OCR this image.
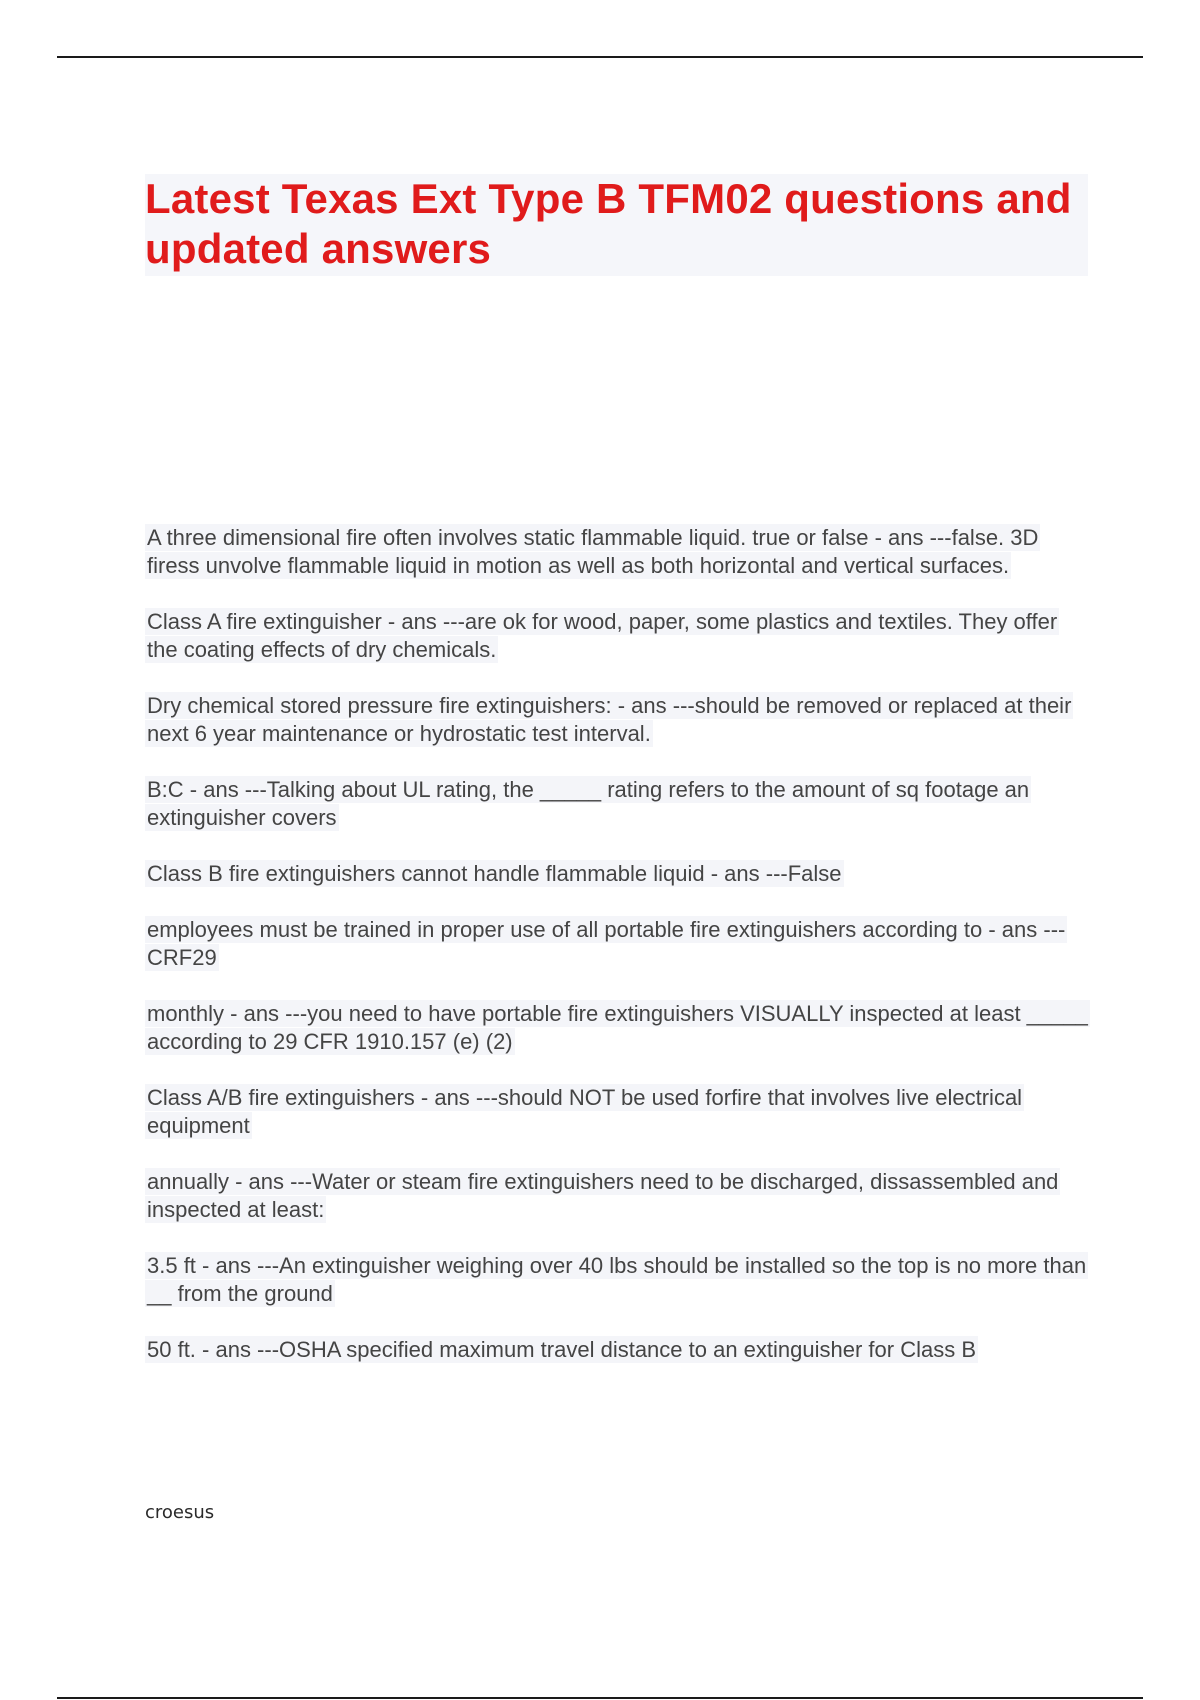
Latest Texas Ext Type B TFM02 questions and updated answers

A three dimensional fire often involves static flammable liquid. true or false - ans ---false. 3D firess unvolve flammable liquid in motion as well as both horizontal and vertical surfaces.

Class A fire extinguisher - ans ---are ok for wood, paper, some plastics and textiles. They offer the coating effects of dry chemicals.

Dry chemical stored pressure fire extinguishers: - ans ---should be removed or replaced at their next 6 year maintenance or hydrostatic test interval.

B:C - ans ---Talking about UL rating, the _____ rating refers to the amount of sq footage an extinguisher covers

Class B fire extinguishers cannot handle flammable liquid - ans ---False

employees must be trained in proper use of all portable fire extinguishers according to - ans ---CRF29

monthly - ans ---you need to have portable fire extinguishers VISUALLY inspected at least _____ according to 29 CFR 1910.157 (e) (2)

Class A/B fire extinguishers - ans ---should NOT be used forfire that involves live electrical equipment

annually - ans ---Water or steam fire extinguishers need to be discharged, dissassembled and inspected at least:

3.5 ft - ans ---An extinguisher weighing over 40 lbs should be installed so the top is no more than __ from the ground

50 ft. - ans ---OSHA specified maximum travel distance to an extinguisher for Class B

croesus
